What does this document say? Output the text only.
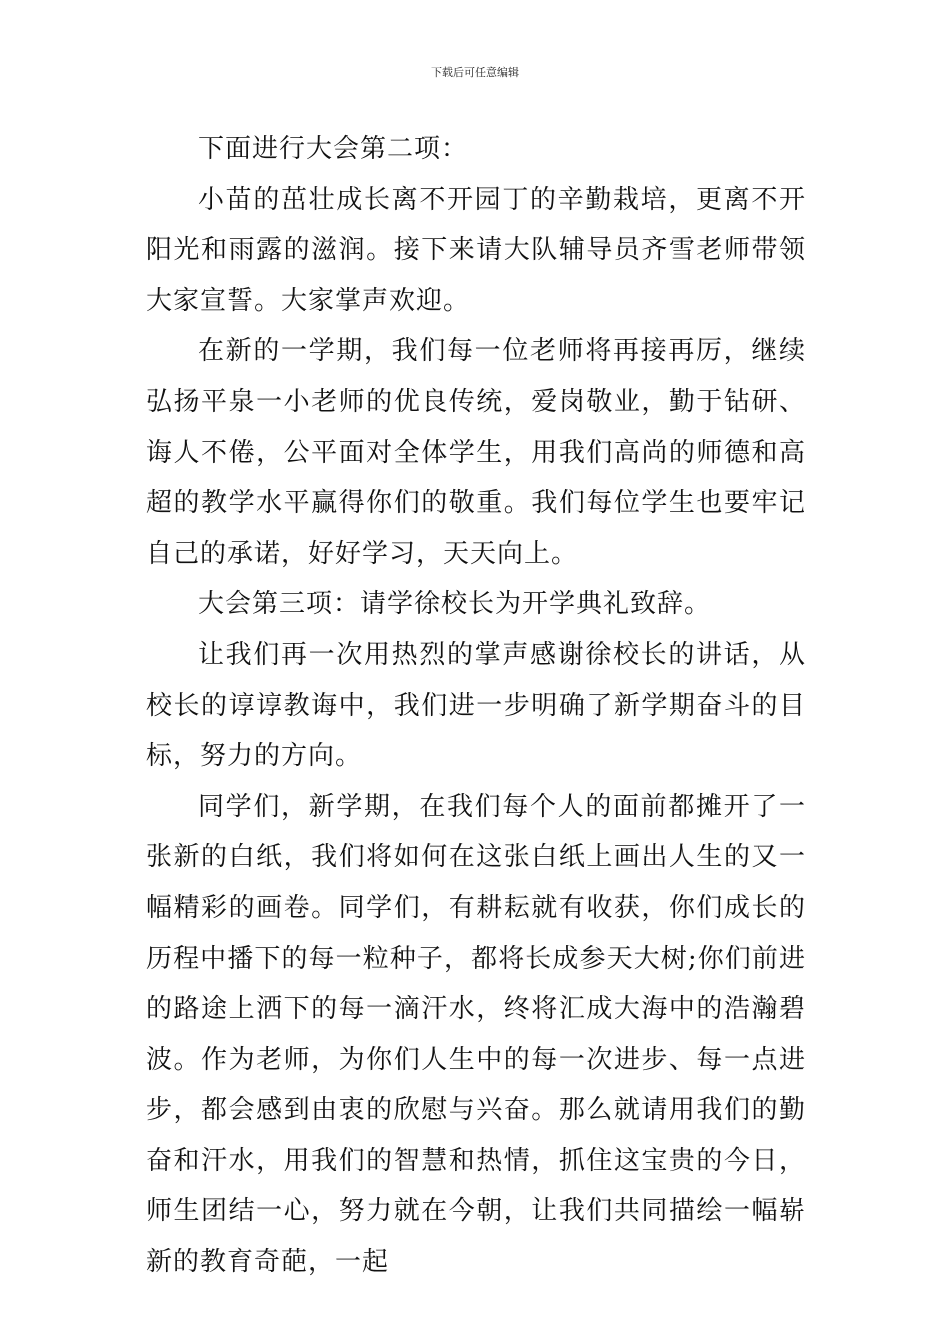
下载后可任意编辑

下面进行大会第二项：

小苗的茁壮成长离不开园丁的辛勤栽培，更离不开阳光和雨露的滋润。接下来请大队辅导员齐雪老师带领大家宣誓。大家掌声欢迎。

在新的一学期，我们每一位老师将再接再厉，继续弘扬平泉一小老师的优良传统，爱岗敬业，勤于钻研、诲人不倦，公平面对全体学生，用我们高尚的师德和高超的教学水平赢得你们的敬重。我们每位学生也要牢记自己的承诺，好好学习，天天向上。

大会第三项：请学徐校长为开学典礼致辞。

让我们再一次用热烈的掌声感谢徐校长的讲话，从校长的谆谆教诲中，我们进一步明确了新学期奋斗的目标，努力的方向。

同学们，新学期，在我们每个人的面前都摊开了一张新的白纸，我们将如何在这张白纸上画出人生的又一幅精彩的画卷。同学们，有耕耘就有收获，你们成长的历程中播下的每一粒种子，都将长成参天大树;你们前进的路途上洒下的每一滴汗水，终将汇成大海中的浩瀚碧波。作为老师，为你们人生中的每一次进步、每一点进步，都会感到由衷的欣慰与兴奋。那么就请用我们的勤奋和汗水，用我们的智慧和热情，抓住这宝贵的今日，师生团结一心，努力就在今朝，让我们共同描绘一幅崭新的教育奇葩，一起
